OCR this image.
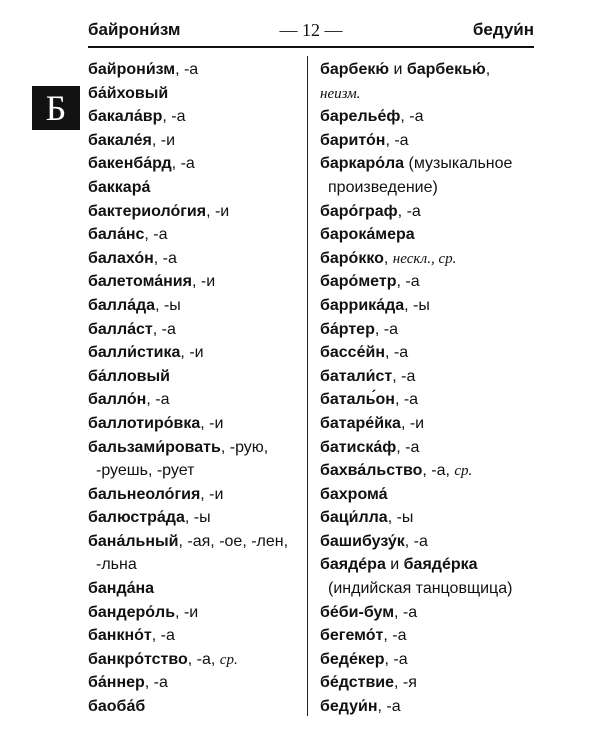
байрони́зм	— 12 —	бедуи́н
Б
байрони́зм, -а
ба́йховый
бакала́вр, -а
бакале́я, -и
бакенба́рд, -а
баккара́
бактериоло́гия, -и
бала́нс, -а
балахо́н, -а
балетома́ния, -и
балла́да, -ы
балла́ст, -а
балли́стика, -и
ба́лловый
балло́н, -а
баллотиро́вка, -и
бальзами́ровать, -рую,
-руешь, -рует
бальнеоло́гия, -и
балюстра́да, -ы
бана́льный, -ая, -ое, -лен,
-льна
банда́на
бандеро́ль, -и
банкно́т, -а
банкро́тство, -а, ср.
ба́ннер, -а
баоба́б
барбекю́ и барбекью́,
неизм.
барелье́ф, -а
барито́н, -а
баркаро́ла (музыкальное
произведение)
баро́граф, -а
барока́мера
баро́кко, нескл., ср.
баро́метр, -а
баррика́да, -ы
ба́ртер, -а
бассе́йн, -а
батали́ст, -а
баталь́он, -а
батаре́йка, -и
батиска́ф, -а
бахва́льство, -а, ср.
бахрома́
баци́лла, -ы
башибузу́к, -а
баядéра и баядéрка
(индийская танцовщица)
бе́би-бум, -а
бегемо́т, -а
беде́кер, -а
бе́дствие, -я
бедуи́н, -а
